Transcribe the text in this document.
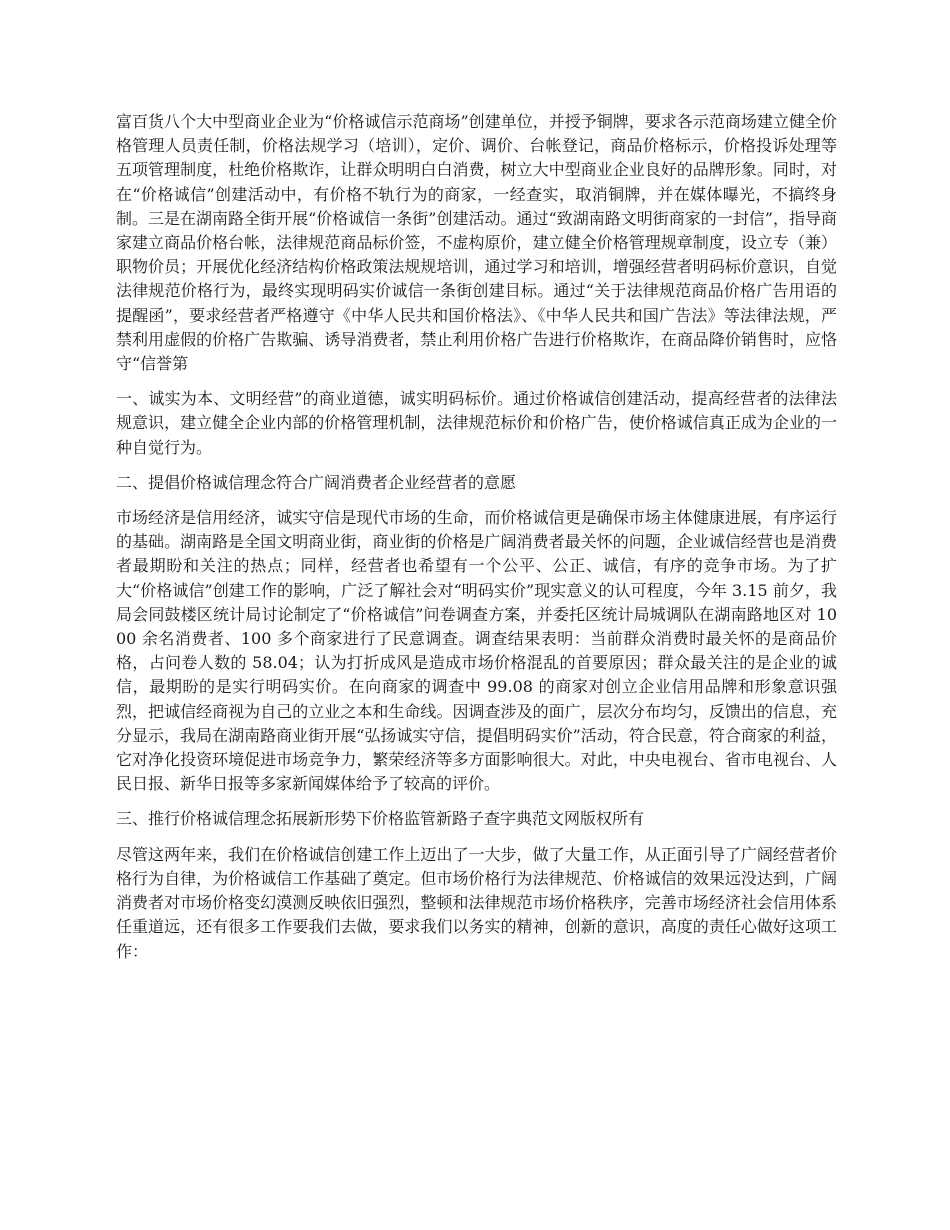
富百货八个大中型商业企业为“价格诚信示范商场”创建单位，并授予铜牌，要求各示范商场建立健全价格管理人员责任制，价格法规学习（培训），定价、调价、台帐登记，商品价格标示，价格投诉处理等五项管理制度，杜绝价格欺诈，让群众明明白白消费，树立大中型商业企业良好的品牌形象。同时，对在“价格诚信”创建活动中，有价格不轨行为的商家，一经查实，取消铜牌，并在媒体曝光，不搞终身制。三是在湖南路全街开展“价格诚信一条街”创建活动。通过“致湖南路文明街商家的一封信”，指导商家建立商品价格台帐，法律规范商品标价签，不虚构原价，建立健全价格管理规章制度，设立专（兼）职物价员；开展优化经济结构价格政策法规规培训，通过学习和培训，增强经营者明码标价意识，自觉法律规范价格行为，最终实现明码实价诚信一条街创建目标。通过“关于法律规范商品价格广告用语的提醒函”，要求经营者严格遵守《中华人民共和国价格法》、《中华人民共和国广告法》等法律法规，严禁利用虚假的价格广告欺骗、诱导消费者，禁止利用价格广告进行价格欺诈，在商品降价销售时，应恪守“信誉第

一、诚实为本、文明经营”的商业道德，诚实明码标价。通过价格诚信创建活动，提高经营者的法律法规意识，建立健全企业内部的价格管理机制，法律规范标价和价格广告，使价格诚信真正成为企业的一种自觉行为。

二、提倡价格诚信理念符合广阔消费者企业经营者的意愿

市场经济是信用经济，诚实守信是现代市场的生命，而价格诚信更是确保市场主体健康进展，有序运行的基础。湖南路是全国文明商业街，商业街的价格是广阔消费者最关怀的问题，企业诚信经营也是消费者最期盼和关注的热点；同样，经营者也希望有一个公平、公正、诚信，有序的竞争市场。为了扩大“价格诚信”创建工作的影响，广泛了解社会对“明码实价”现实意义的认可程度，今年 3.15 前夕，我局会同鼓楼区统计局讨论制定了“价格诚信”问卷调查方案，并委托区统计局城调队在湖南路地区对 1000 余名消费者、100 多个商家进行了民意调查。调查结果表明：当前群众消费时最关怀的是商品价格，占问卷人数的 58.04；认为打折成风是造成市场价格混乱的首要原因；群众最关注的是企业的诚信，最期盼的是实行明码实价。在向商家的调查中 99.08 的商家对创立企业信用品牌和形象意识强烈，把诚信经商视为自己的立业之本和生命线。因调查涉及的面广，层次分布均匀，反馈出的信息，充分显示，我局在湖南路商业街开展“弘扬诚实守信，提倡明码实价”活动，符合民意，符合商家的利益，它对净化投资环境促进市场竞争力，繁荣经济等多方面影响很大。对此，中央电视台、省市电视台、人民日报、新华日报等多家新闻媒体给予了较高的评价。

三、推行价格诚信理念拓展新形势下价格监管新路子查字典范文网版权所有

尽管这两年来，我们在价格诚信创建工作上迈出了一大步，做了大量工作，从正面引导了广阔经营者价格行为自律，为价格诚信工作基础了奠定。但市场价格行为法律规范、价格诚信的效果远没达到，广阔消费者对市场价格变幻漠测反映依旧强烈，整顿和法律规范市场价格秩序，完善市场经济社会信用体系任重道远，还有很多工作要我们去做，要求我们以务实的精神，创新的意识，高度的责任心做好这项工作：
